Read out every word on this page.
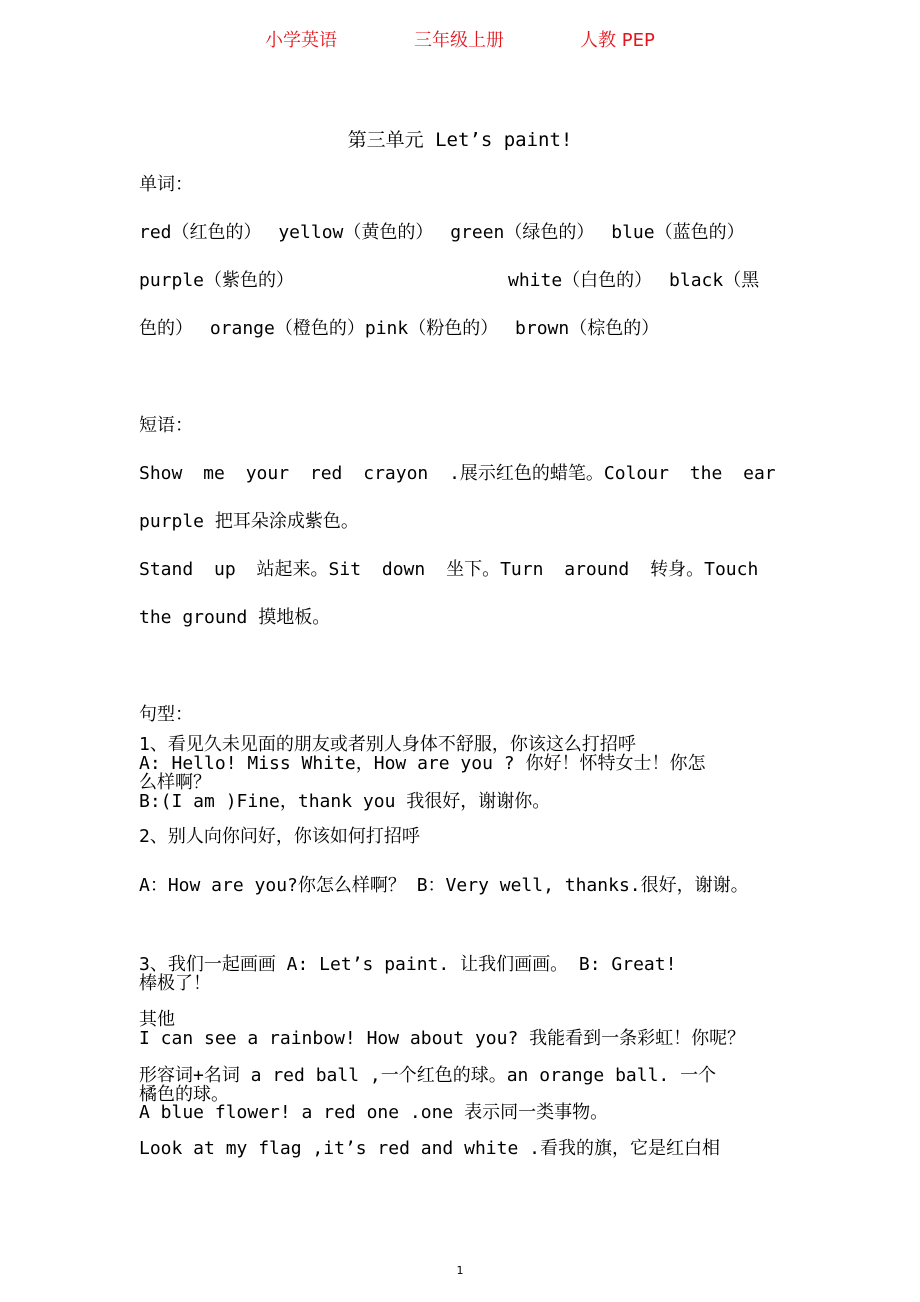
小学英语	三年级上册	人教 PEP
第三单元 Let’s paint!
单词：
red（红色的） yellow（黄色的） green（绿色的） blue（蓝色的）
purple（紫色的）	white（白色的） black（黑
色的） orange（橙色的）pink（粉色的） brown（棕色的）
短语：
Show me your red crayon .展示红色的蜡笔。Colour the ear
purple 把耳朵涂成紫色。
Stand up 站起来。Sit down 坐下。Turn around 转身。Touch
the ground 摸地板。
句型：
1、看见久未见面的朋友或者别人身体不舒服，你该这么打招呼
A: Hello! Miss White，How are you ? 你好！怀特女士！你怎
么样啊？
B:(I am )Fine，thank you 我很好，谢谢你。
2、别人向你问好，你该如何打招呼
A：How are you?你怎么样啊？ B：Very well, thanks.很好，谢谢。
3、我们一起画画 A: Let’s paint. 让我们画画。 B: Great!
棒极了！
其他
I can see a rainbow! How about you? 我能看到一条彩虹！你呢？
形容词+名词 a red ball ,一个红色的球。an orange ball. 一个
橘色的球。
A blue flower! a red one .one 表示同一类事物。
Look at my flag ,it’s red and white .看我的旗，它是红白相
1
